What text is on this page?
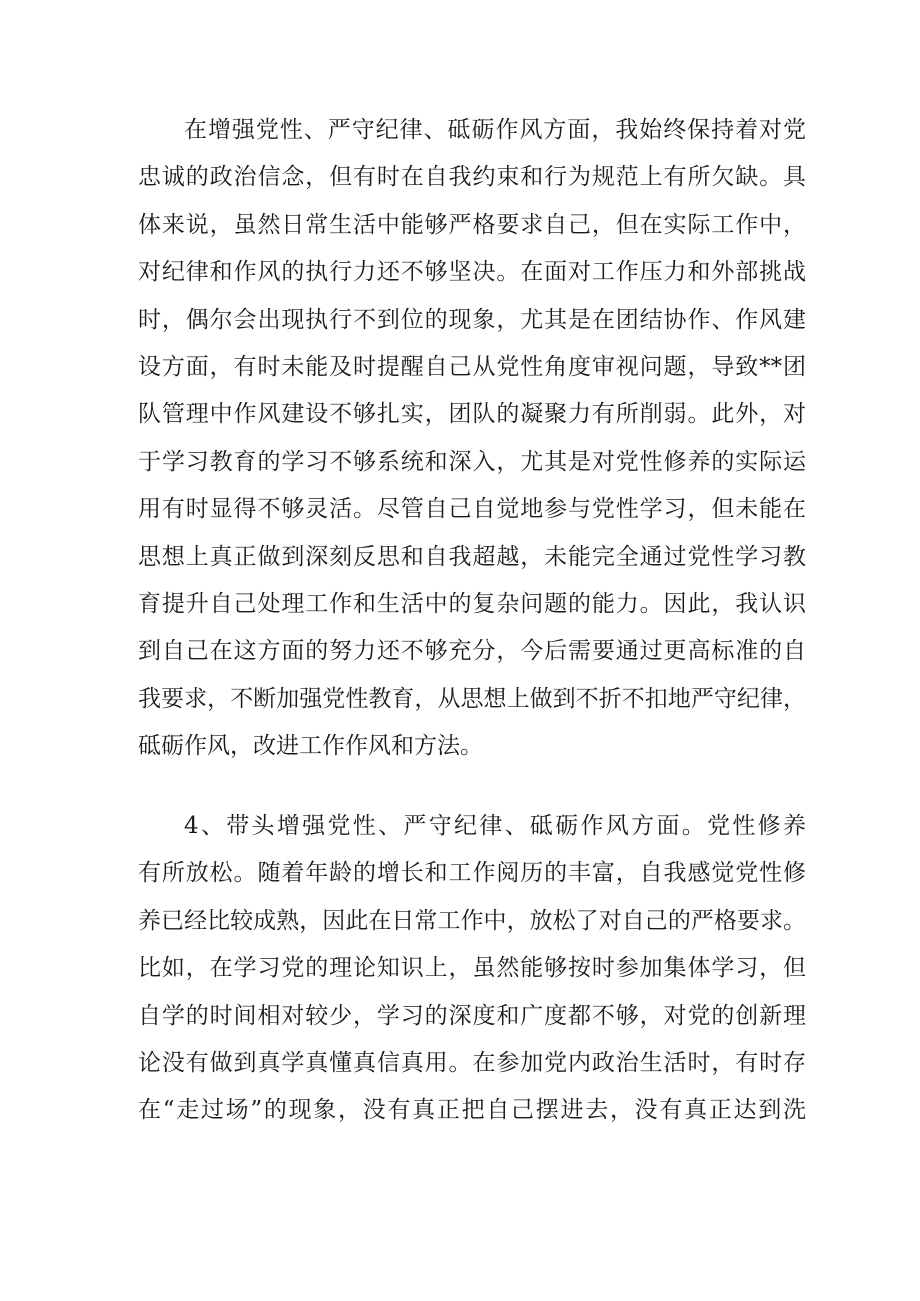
在增强党性、严守纪律、砥砺作风方面，我始终保持着对党
忠诚的政治信念，但有时在自我约束和行为规范上有所欠缺。具
体来说，虽然日常生活中能够严格要求自己，但在实际工作中，
对纪律和作风的执行力还不够坚决。在面对工作压力和外部挑战
时，偶尔会出现执行不到位的现象，尤其是在团结协作、作风建
设方面，有时未能及时提醒自己从党性角度审视问题，导致**团
队管理中作风建设不够扎实，团队的凝聚力有所削弱。此外，对
于学习教育的学习不够系统和深入，尤其是对党性修养的实际运
用有时显得不够灵活。尽管自己自觉地参与党性学习，但未能在
思想上真正做到深刻反思和自我超越，未能完全通过党性学习教
育提升自己处理工作和生活中的复杂问题的能力。因此，我认识
到自己在这方面的努力还不够充分，今后需要通过更高标准的自
我要求，不断加强党性教育，从思想上做到不折不扣地严守纪律，
砥砺作风，改进工作作风和方法。
4、带头增强党性、严守纪律、砥砺作风方面。党性修养
有所放松。随着年龄的增长和工作阅历的丰富，自我感觉党性修
养已经比较成熟，因此在日常工作中，放松了对自己的严格要求。
比如，在学习党的理论知识上，虽然能够按时参加集体学习，但
自学的时间相对较少，学习的深度和广度都不够，对党的创新理
论没有做到真学真懂真信真用。在参加党内政治生活时，有时存
在“走过场”的现象，没有真正把自己摆进去，没有真正达到洗
